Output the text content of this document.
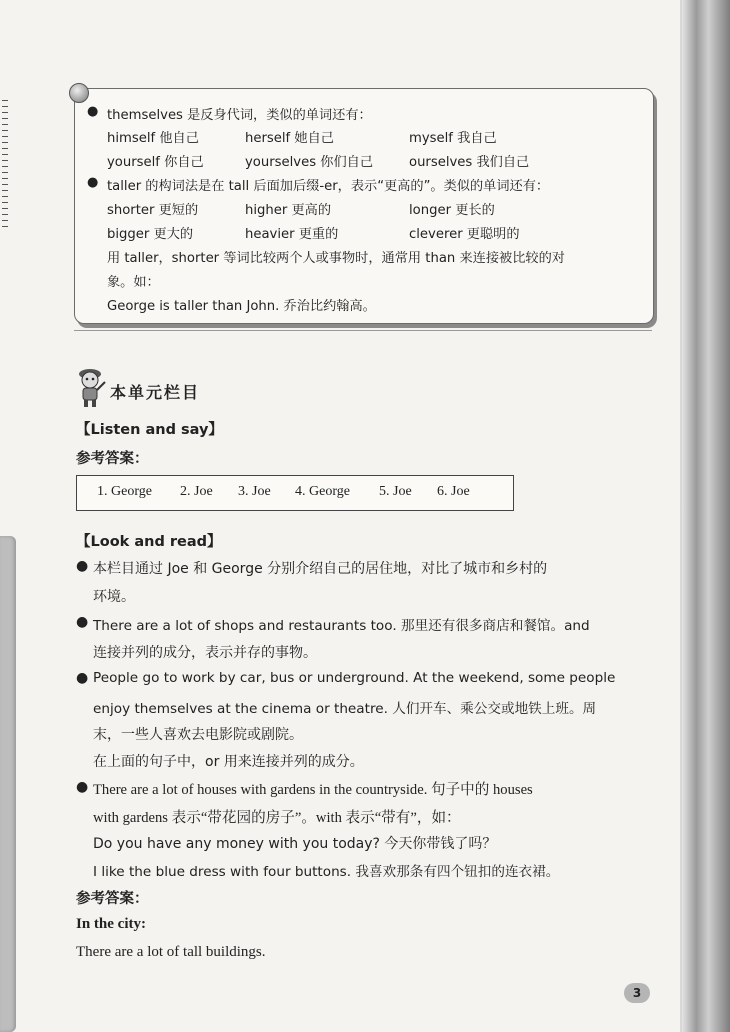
● themselves 是反身代词，类似的单词还有：
himself 他自己	herself 她自己	myself 我自己
yourself 你自己	yourselves 你们自己	ourselves 我们自己
● taller 的构词法是在 tall 后面加后缀-er，表示“更高的”。类似的单词还有：
shorter 更短的	higher 更高的	longer 更长的
bigger 更大的	heavier 更重的	cleverer 更聪明的
用 taller，shorter 等词比较两个人或事物时，通常用 than 来连接被比较的对
象。如：
George is taller than John. 乔治比约翰高。
本单元栏目
【Listen and say】
参考答案：
1. George 2. Joe 3. Joe 4. George 5. Joe 6. Joe
【Look and read】
● 本栏目通过 Joe 和 George 分别介绍自己的居住地，对比了城市和乡村的
环境。
● There are a lot of shops and restaurants too. 那里还有很多商店和餐馆。and
连接并列的成分，表示并存的事物。
● People go to work by car, bus or underground. At the weekend, some people
enjoy themselves at the cinema or theatre. 人们开车、乘公交或地铁上班。周
末，一些人喜欢去电影院或剧院。
在上面的句子中，or 用来连接并列的成分。
● There are a lot of houses with gardens in the countryside. 句子中的 houses
with gardens 表示“带花园的房子”。with 表示“带有”，如：
Do you have any money with you today? 今天你带钱了吗？
I like the blue dress with four buttons. 我喜欢那条有四个钮扣的连衣裙。
参考答案：
In the city:
There are a lot of tall buildings.
3
